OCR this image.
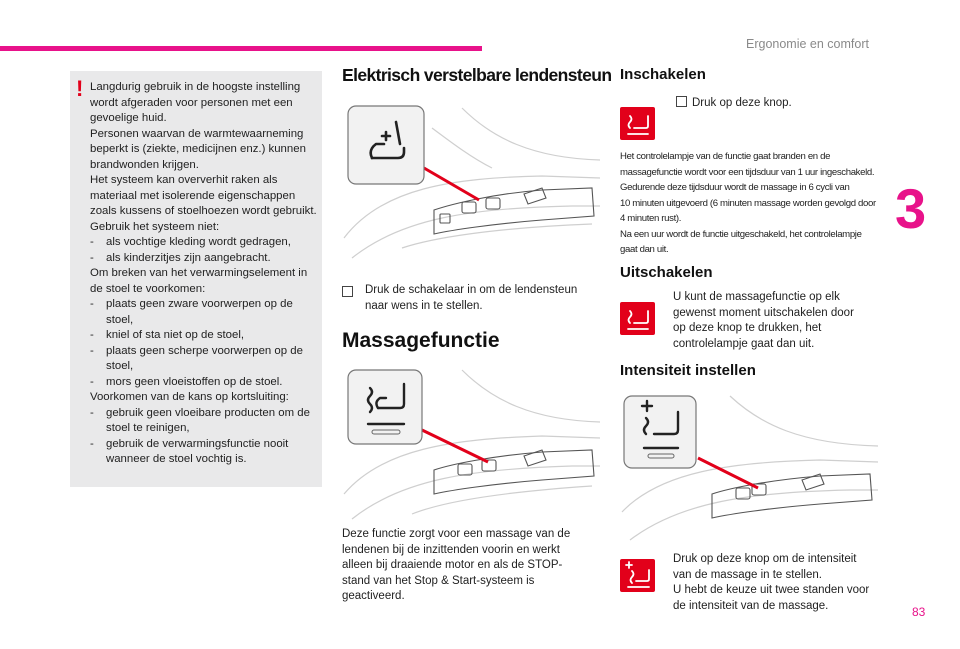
Ergonomie en comfort
3
83
! Langdurig gebruik in de hoogste instelling wordt afgeraden voor personen met een gevoelige huid.
Personen waarvan de warmtewaarneming beperkt is (ziekte, medicijnen enz.) kunnen brandwonden krijgen.
Het systeem kan oververhit raken als materiaal met isolerende eigenschappen zoals kussens of stoelhoezen wordt gebruikt.
Gebruik het systeem niet:
- als vochtige kleding wordt gedragen,
- als kinderzitjes zijn aangebracht.
Om breken van het verwarmingselement in de stoel te voorkomen:
- plaats geen zware voorwerpen op de stoel,
- kniel of sta niet op de stoel,
- plaats geen scherpe voorwerpen op de stoel,
- mors geen vloeistoffen op de stoel.
Voorkomen van de kans op kortsluiting:
- gebruik geen vloeibare producten om de stoel te reinigen,
- gebruik de verwarmingsfunctie nooit wanneer de stoel vochtig is.
Elektrisch verstelbare lendensteun
Druk de schakelaar in om de lendensteun naar wens in te stellen.
Massagefunctie
Deze functie zorgt voor een massage van de lendenen bij de inzittenden voorin en werkt alleen bij draaiende motor en als de STOP-stand van het Stop & Start-systeem is geactiveerd.
Inschakelen
Druk op deze knop.
Het controlelampje van de functie gaat branden en de
massagefunctie wordt voor een tijdsduur van 1 uur ingeschakeld.
Gedurende deze tijdsduur wordt de massage in 6 cycli van
10 minuten uitgevoerd (6 minuten massage worden gevolgd door
4 minuten rust).
Na een uur wordt de functie uitgeschakeld, het controlelampje
gaat dan uit.
Uitschakelen
U kunt de massagefunctie op elk gewenst moment uitschakelen door op deze knop te drukken, het controlelampje gaat dan uit.
Intensiteit instellen
Druk op deze knop om de intensiteit van de massage in te stellen.
U hebt de keuze uit twee standen voor de intensiteit van de massage.
